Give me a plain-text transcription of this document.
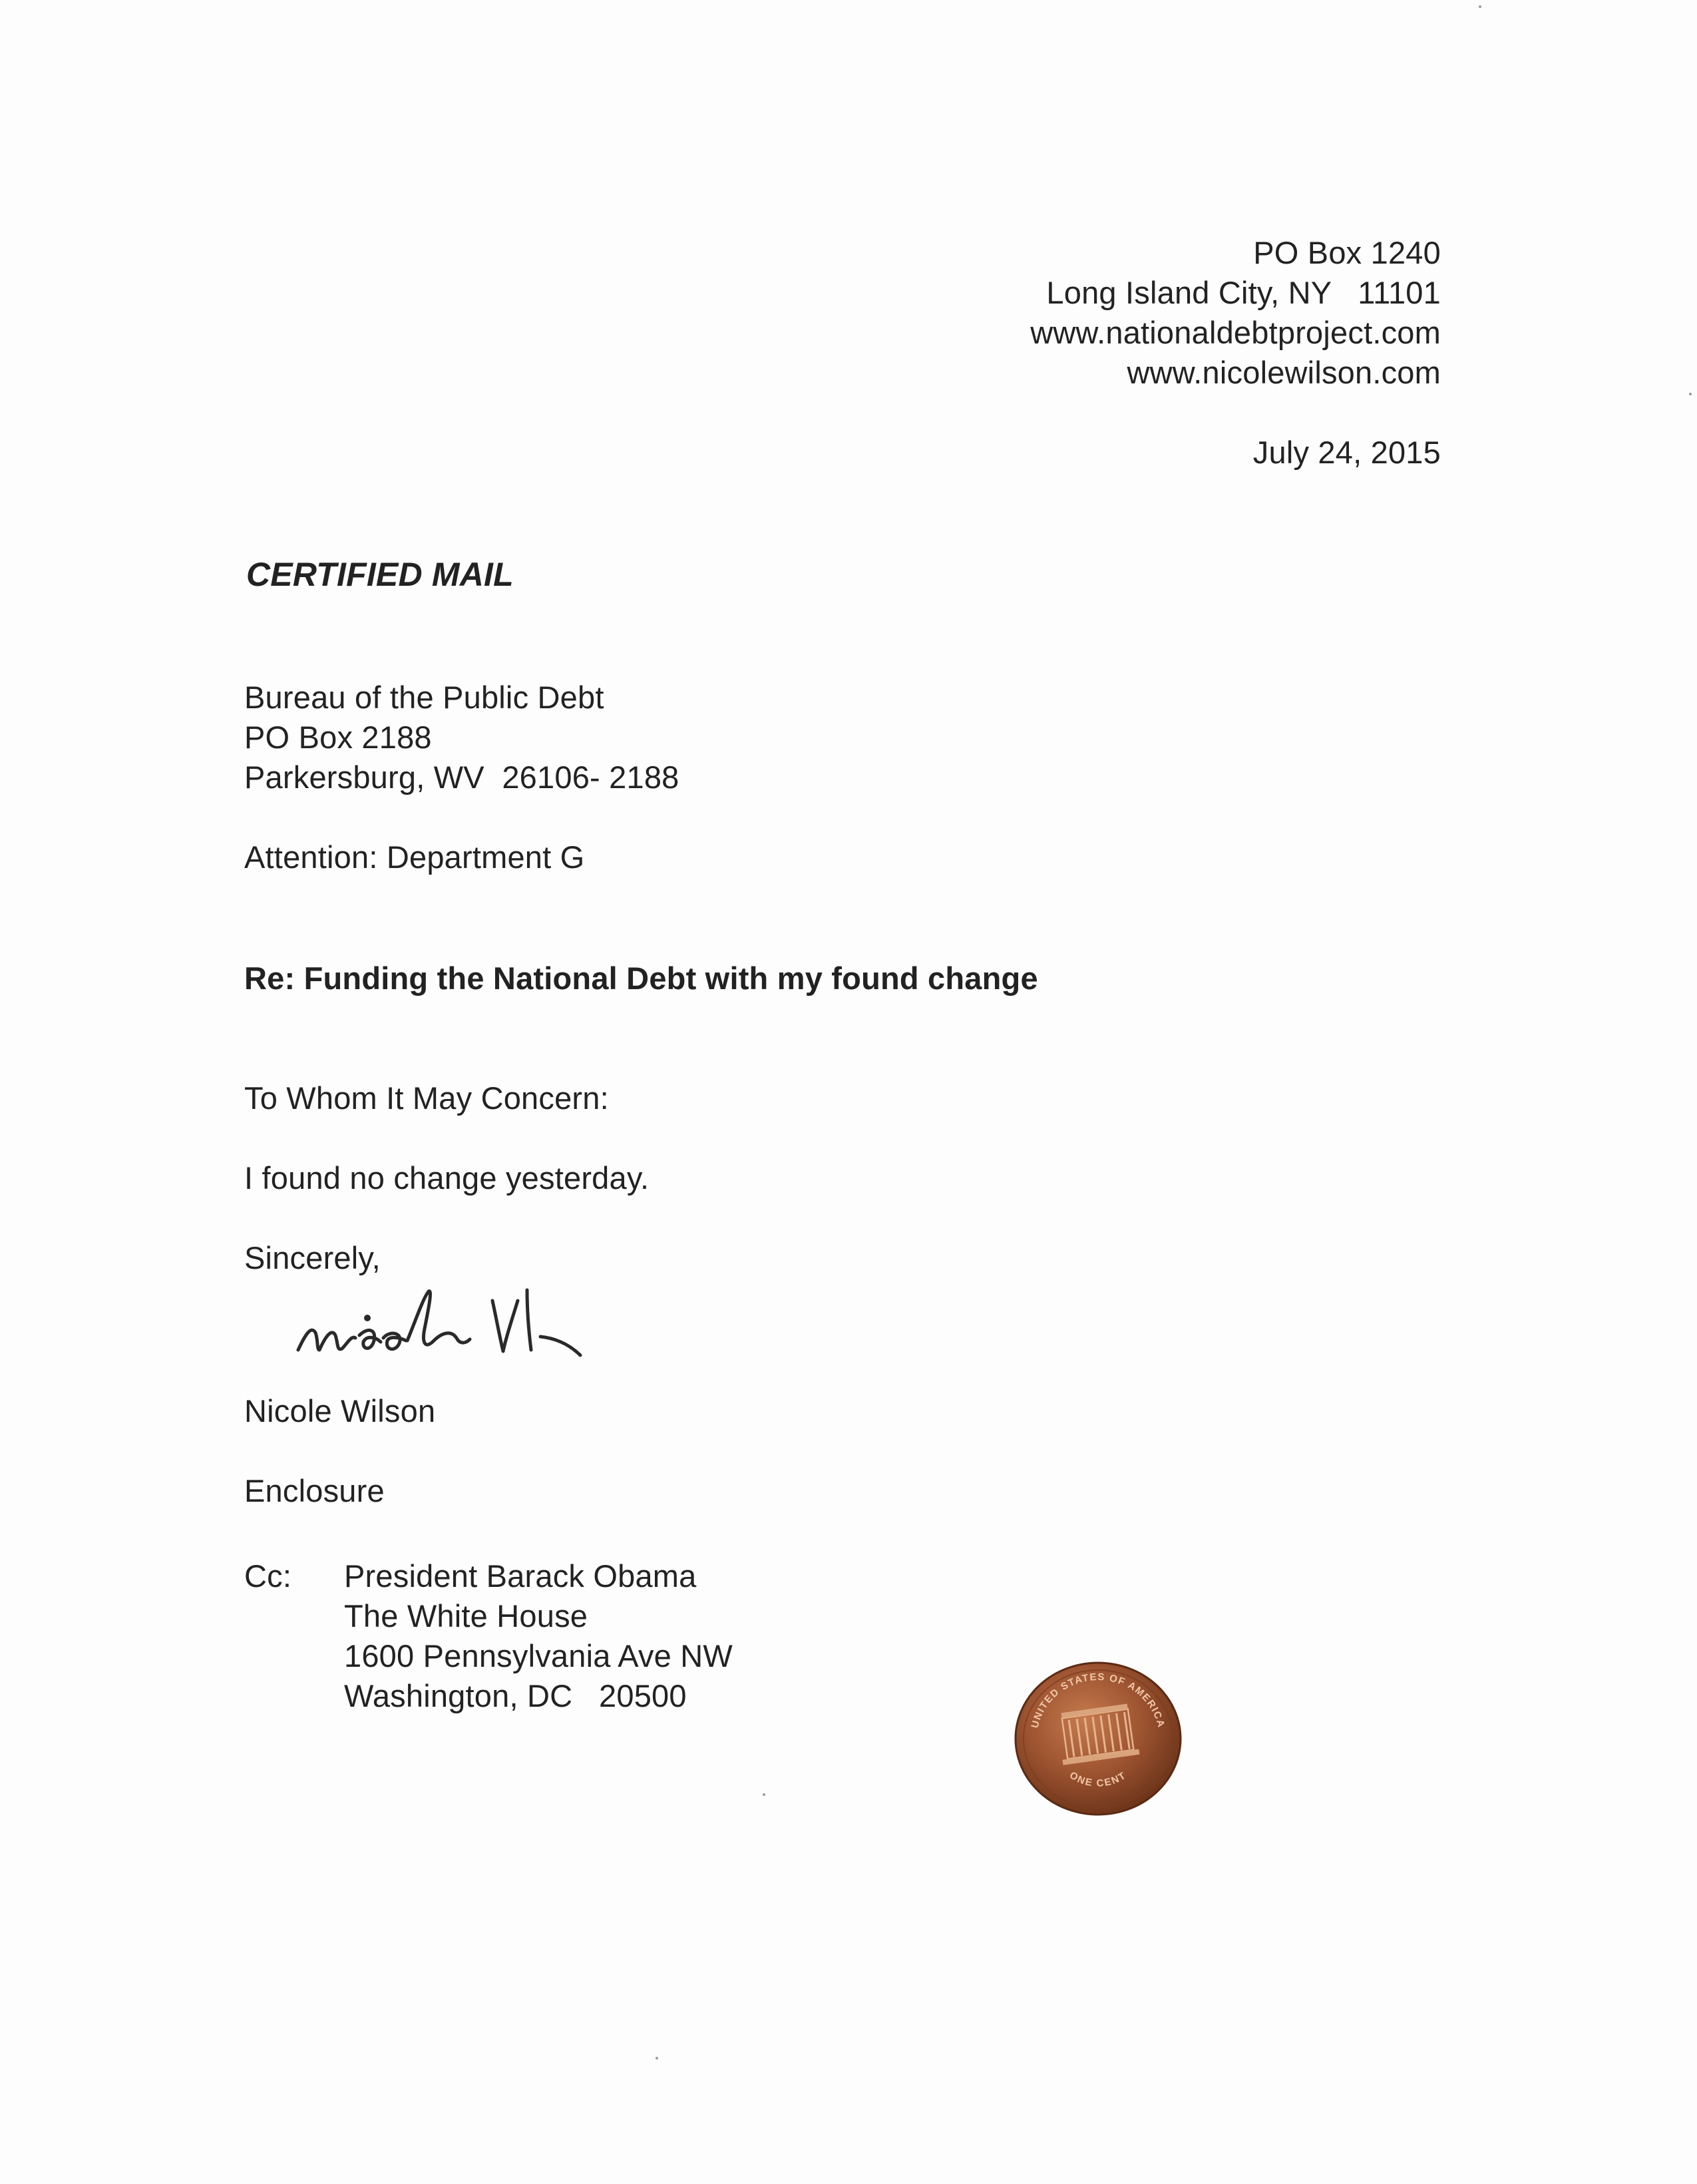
PO Box 1240
Long Island City, NY   11101
www.nationaldebtproject.com
www.nicolewilson.com
July 24, 2015
CERTIFIED MAIL
Bureau of the Public Debt
PO Box 2188
Parkersburg, WV  26106- 2188
Attention: Department G
Re: Funding the National Debt with my found change
To Whom It May Concern:
I found no change yesterday.
Sincerely,
Nicole Wilson
Enclosure
Cc: President Barack Obama
The White House
1600 Pennsylvania Ave NW
Washington, DC   20500
UNITED STATES OF AMERICA
ONE CENT
